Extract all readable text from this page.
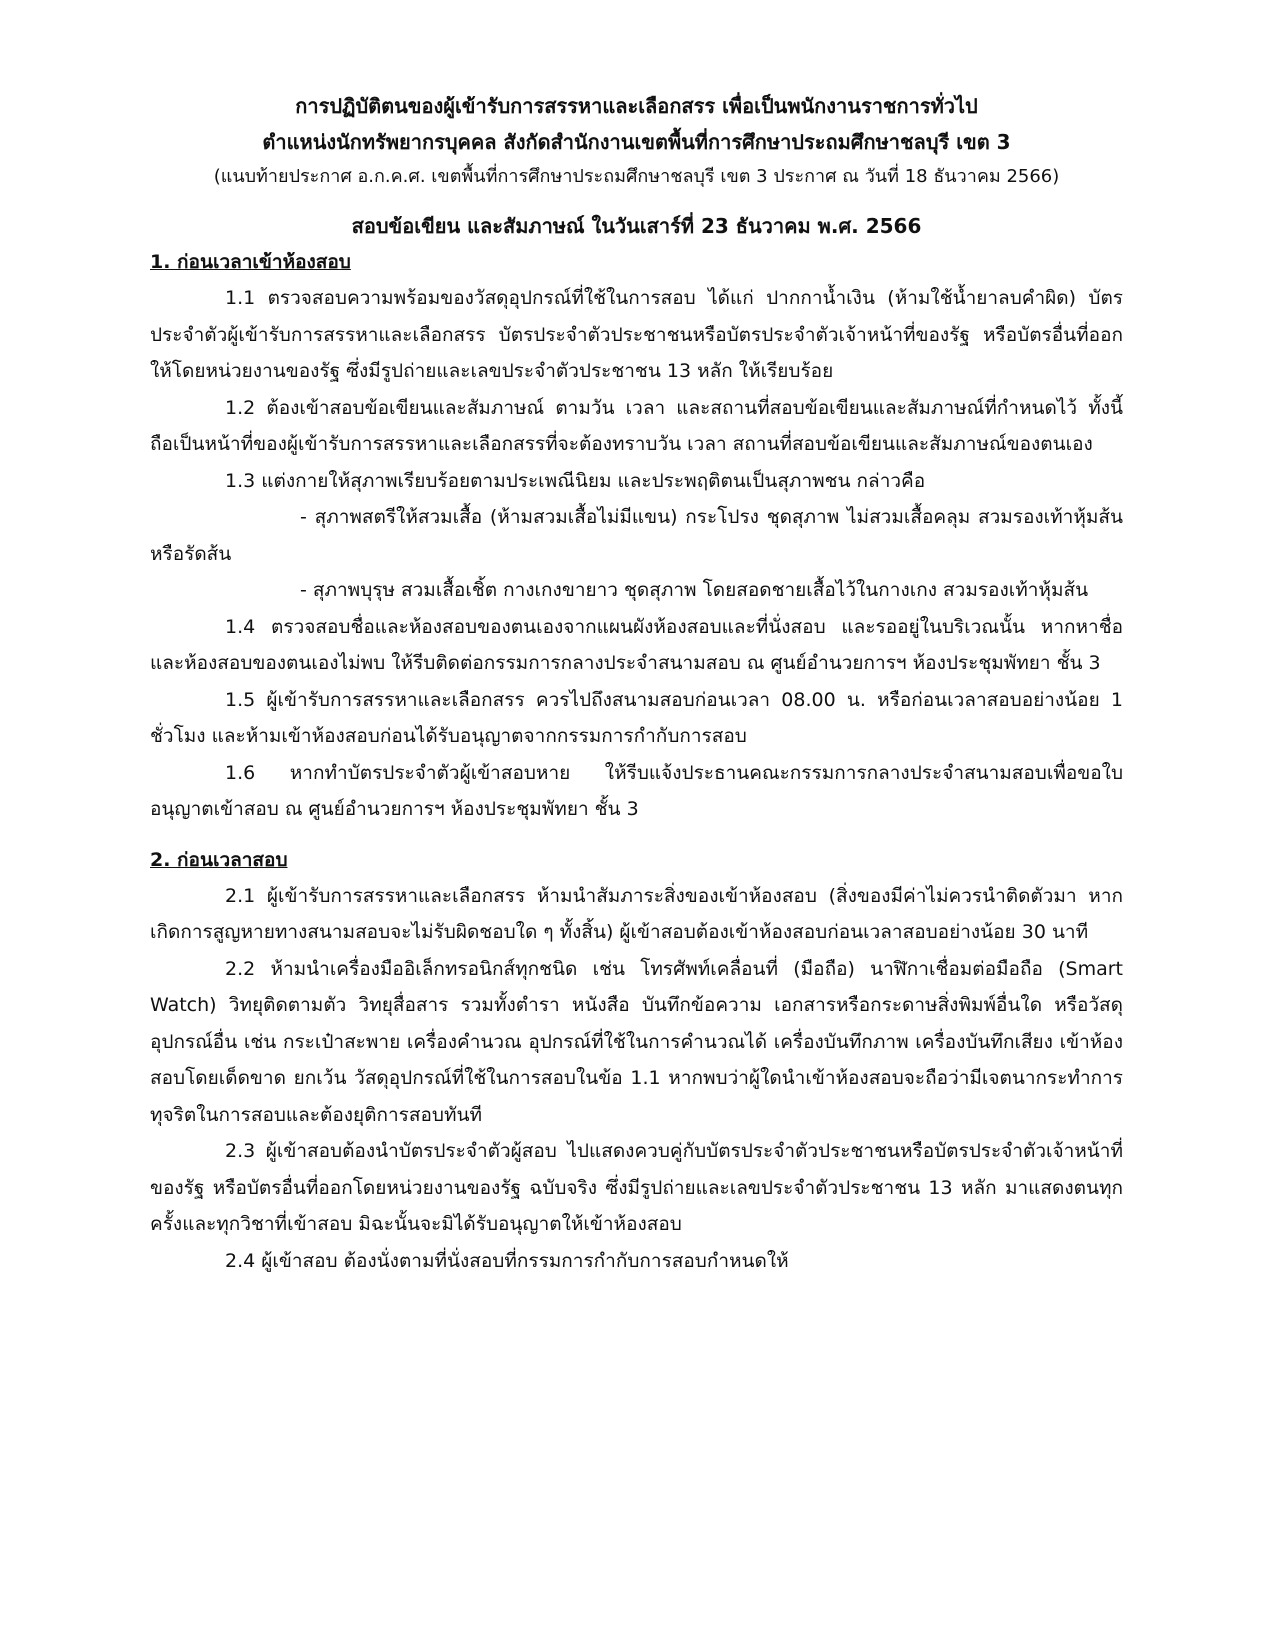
การปฏิบัติตนของผู้เข้ารับการสรรหาและเลือกสรร เพื่อเป็นพนักงานราชการทั่วไป

ตำแหน่งนักทรัพยากรบุคคล สังกัดสำนักงานเขตพื้นที่การศึกษาประถมศึกษาชลบุรี เขต 3

(แนบท้ายประกาศ อ.ก.ค.ศ. เขตพื้นที่การศึกษาประถมศึกษาชลบุรี เขต 3 ประกาศ ณ วันที่ 18 ธันวาคม 2566)

สอบข้อเขียน และสัมภาษณ์ ในวันเสาร์ที่ 23 ธันวาคม พ.ศ. 2566

1. ก่อนเวลาเข้าห้องสอบ

1.1 ตรวจสอบความพร้อมของวัสดุอุปกรณ์ที่ใช้ในการสอบ ได้แก่ ปากกาน้ำเงิน (ห้ามใช้น้ำยาลบคำผิด) บัตรประจำตัวผู้เข้ารับการสรรหาและเลือกสรร บัตรประจำตัวประชาชนหรือบัตรประจำตัวเจ้าหน้าที่ของรัฐ หรือบัตรอื่นที่ออกให้โดยหน่วยงานของรัฐ ซึ่งมีรูปถ่ายและเลขประจำตัวประชาชน 13 หลัก ให้เรียบร้อย

1.2 ต้องเข้าสอบข้อเขียนและสัมภาษณ์ ตามวัน เวลา และสถานที่สอบข้อเขียนและสัมภาษณ์ที่กำหนดไว้ ทั้งนี้ ถือเป็นหน้าที่ของผู้เข้ารับการสรรหาและเลือกสรรที่จะต้องทราบวัน เวลา สถานที่สอบข้อเขียนและสัมภาษณ์ของตนเอง

1.3 แต่งกายให้สุภาพเรียบร้อยตามประเพณีนิยม และประพฤติตนเป็นสุภาพชน กล่าวคือ

- สุภาพสตรีให้สวมเสื้อ (ห้ามสวมเสื้อไม่มีแขน) กระโปรง ชุดสุภาพ ไม่สวมเสื้อคลุม สวมรองเท้าหุ้มส้นหรือรัดส้น

- สุภาพบุรุษ สวมเสื้อเชิ้ต กางเกงขายาว ชุดสุภาพ โดยสอดชายเสื้อไว้ในกางเกง สวมรองเท้าหุ้มส้น

1.4 ตรวจสอบชื่อและห้องสอบของตนเองจากแผนผังห้องสอบและที่นั่งสอบ และรออยู่ในบริเวณนั้น หากหาชื่อและห้องสอบของตนเองไม่พบ ให้รีบติดต่อกรรมการกลางประจำสนามสอบ ณ ศูนย์อำนวยการฯ ห้องประชุมพัทยา ชั้น 3

1.5 ผู้เข้ารับการสรรหาและเลือกสรร ควรไปถึงสนามสอบก่อนเวลา 08.00 น. หรือก่อนเวลาสอบอย่างน้อย 1 ชั่วโมง และห้ามเข้าห้องสอบก่อนได้รับอนุญาตจากกรรมการกำกับการสอบ

1.6 หากทำบัตรประจำตัวผู้เข้าสอบหาย ให้รีบแจ้งประธานคณะกรรมการกลางประจำสนามสอบเพื่อขอใบอนุญาตเข้าสอบ ณ ศูนย์อำนวยการฯ ห้องประชุมพัทยา ชั้น 3

2. ก่อนเวลาสอบ

2.1 ผู้เข้ารับการสรรหาและเลือกสรร ห้ามนำสัมภาระสิ่งของเข้าห้องสอบ (สิ่งของมีค่าไม่ควรนำติดตัวมา หากเกิดการสูญหายทางสนามสอบจะไม่รับผิดชอบใด ๆ ทั้งสิ้น) ผู้เข้าสอบต้องเข้าห้องสอบก่อนเวลาสอบอย่างน้อย 30 นาที

2.2 ห้ามนำเครื่องมืออิเล็กทรอนิกส์ทุกชนิด เช่น โทรศัพท์เคลื่อนที่ (มือถือ) นาฬิกาเชื่อมต่อมือถือ (Smart Watch) วิทยุติดตามตัว วิทยุสื่อสาร รวมทั้งตำรา หนังสือ บันทึกข้อความ เอกสารหรือกระดาษสิ่งพิมพ์อื่นใด หรือวัสดุอุปกรณ์อื่น เช่น กระเป๋าสะพาย เครื่องคำนวณ อุปกรณ์ที่ใช้ในการคำนวณได้ เครื่องบันทึกภาพ เครื่องบันทึกเสียง เข้าห้องสอบโดยเด็ดขาด ยกเว้น วัสดุอุปกรณ์ที่ใช้ในการสอบในข้อ 1.1 หากพบว่าผู้ใดนำเข้าห้องสอบจะถือว่ามีเจตนากระทำการทุจริตในการสอบและต้องยุติการสอบทันที

2.3 ผู้เข้าสอบต้องนำบัตรประจำตัวผู้สอบ ไปแสดงควบคู่กับบัตรประจำตัวประชาชนหรือบัตรประจำตัวเจ้าหน้าที่ของรัฐ หรือบัตรอื่นที่ออกโดยหน่วยงานของรัฐ ฉบับจริง ซึ่งมีรูปถ่ายและเลขประจำตัวประชาชน 13 หลัก มาแสดงตนทุกครั้งและทุกวิชาที่เข้าสอบ มิฉะนั้นจะมิได้รับอนุญาตให้เข้าห้องสอบ

2.4 ผู้เข้าสอบ ต้องนั่งตามที่นั่งสอบที่กรรมการกำกับการสอบกำหนดให้
